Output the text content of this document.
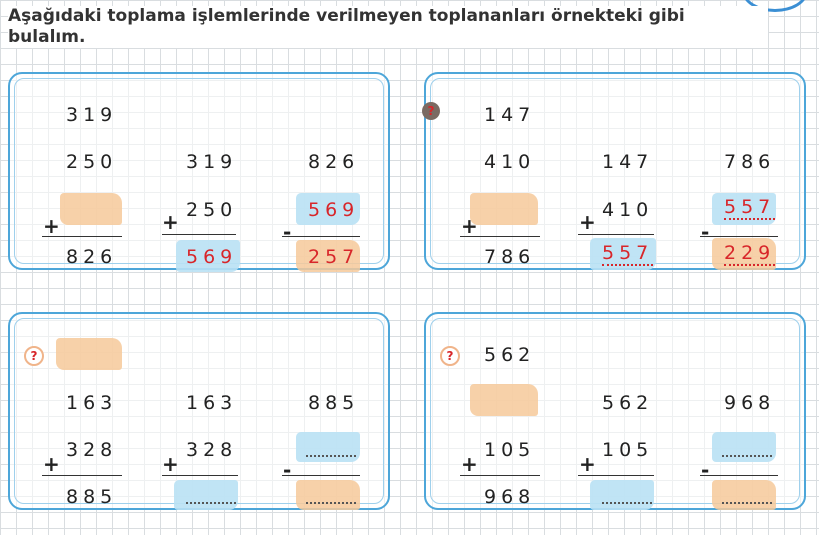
Aşağıdaki toplama işlemlerinde verilmeyen toplananları örnekteki gibi bulalım.

319
250
+
826
319
+ 250
569
826
569
-
257
?	147
410
+
786
147
+ 410
557
786
557
-
229
?
163
+
328
885
163
+
328
885
-
?	562
+
105
968
562
+
105
968
-
